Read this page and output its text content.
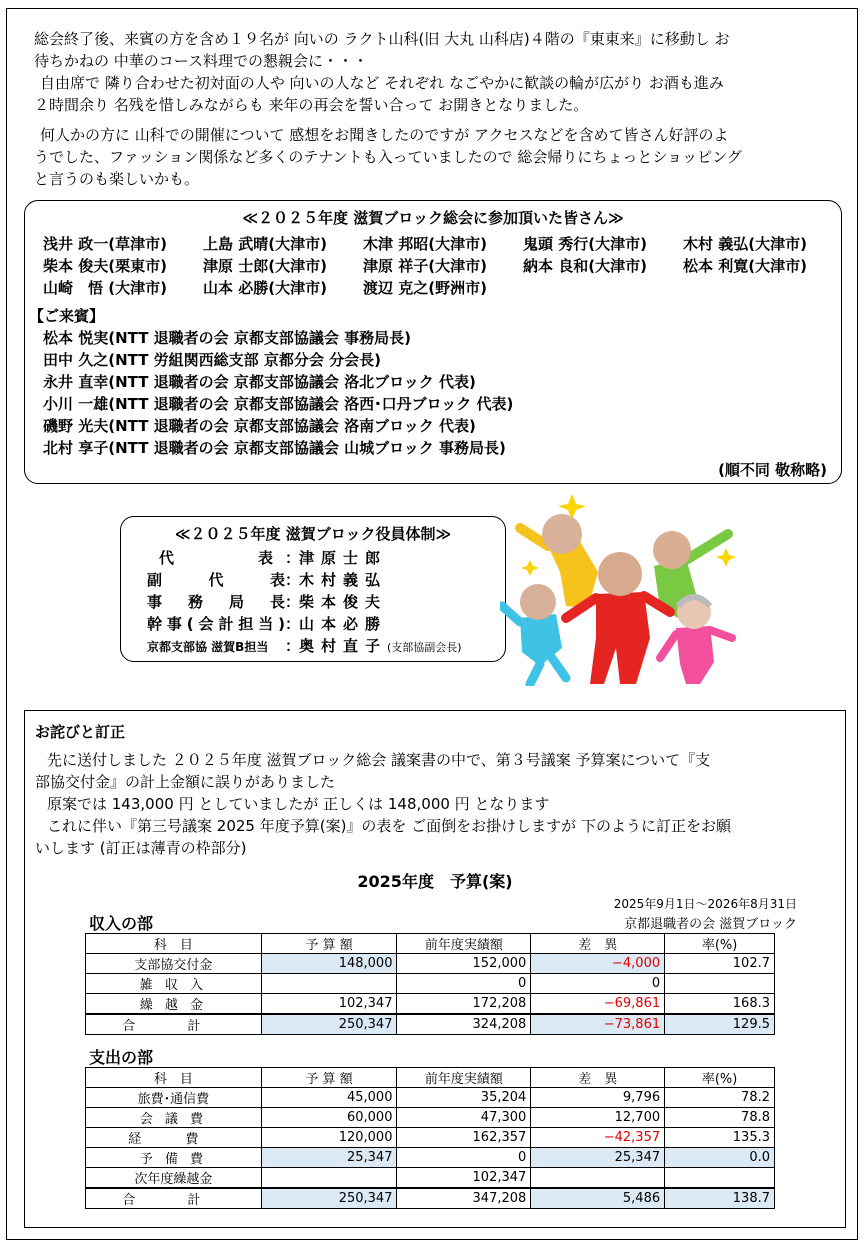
総会終了後、来賓の方を含め１９名が 向いの ラクト山科(旧 大丸 山科店)４階の『東東来』に移動し お
待ちかねの 中華のコース料理での懇親会に・・・
自由席で 隣り合わせた初対面の人や 向いの人など それぞれ なごやかに歓談の輪が広がり お酒も進み
２時間余り 名残を惜しみながらも 来年の再会を誓い合って お開きとなりました。
何人かの方に 山科での開催について 感想をお聞きしたのですが アクセスなどを含めて皆さん好評のよ
うでした、ファッション関係など多くのテナントも入っていましたので 総会帰りにちょっとショッピング
と言うのも楽しいかも。
≪２０２５年度 滋賀ブロック総会に参加頂いた皆さん≫
浅井 政一(草津市) 上島 武晴(大津市) 木津 邦昭(大津市) 鬼頭 秀行(大津市) 木村 義弘(大津市)
柴本 俊夫(栗東市) 津原 士郎(大津市) 津原 祥子(大津市) 納本 良和(大津市) 松本 利寛(大津市)
山崎　悟 (大津市) 山本 必勝(大津市) 渡辺 克之(野洲市)
【ご来賓】
松本 悦実(NTT 退職者の会 京都支部協議会 事務局長)
田中 久之(NTT 労組関西総支部 京都分会 分会長)
永井 直幸(NTT 退職者の会 京都支部協議会 洛北ブロック 代表)
小川 一雄(NTT 退職者の会 京都支部協議会 洛西･口丹ブロック 代表)
磯野 光夫(NTT 退職者の会 京都支部協議会 洛南ブロック 代表)
北村 享子(NTT 退職者の会 京都支部協議会 山城ブロック 事務局長)
(順不同 敬称略)
≪２０２５年度 滋賀ブロック役員体制≫
代表 ：津原士郎
副代表：木村義弘
事務局長：柴本俊夫
幹事(会計担当)：山本必勝
京都支部協 滋賀B担当 ：奥村直子(支部協副会長)
お詫びと訂正
先に送付しました ２０２５年度 滋賀ブロック総会 議案書の中で、第３号議案 予算案について『支
部協交付金』の計上金額に誤りがありました
原案では 143,000 円 としていましたが 正しくは 148,000 円 となります
これに伴い『第三号議案 2025 年度予算(案)』の表を ご面倒をお掛けしますが 下のように訂正をお願
いします (訂正は薄青の枠部分)
2025年度　予算(案)
2025年9月1日～2026年8月31日
京都退職者の会 滋賀ブロック
収入の部
科　目	予 算 額	前年度実績額	差　異	率(%)
支部協交付金	148,000	152,000	−4,000	102.7
雑 収 入		0	0	
繰 越 金	102,347	172,208	−69,861	168.3
合 計	250,347	324,208	−73,861	129.5
支出の部
科　目	予 算 額	前年度実績額	差　異	率(%)
旅費･通信費	45,000	35,204	9,796	78.2
会 議 費	60,000	47,300	12,700	78.8
経 費	120,000	162,357	−42,357	135.3
予 備 費	25,347	0	25,347	0.0
次年度繰越金		102,347		
合 計	250,347	347,208	5,486	138.7
